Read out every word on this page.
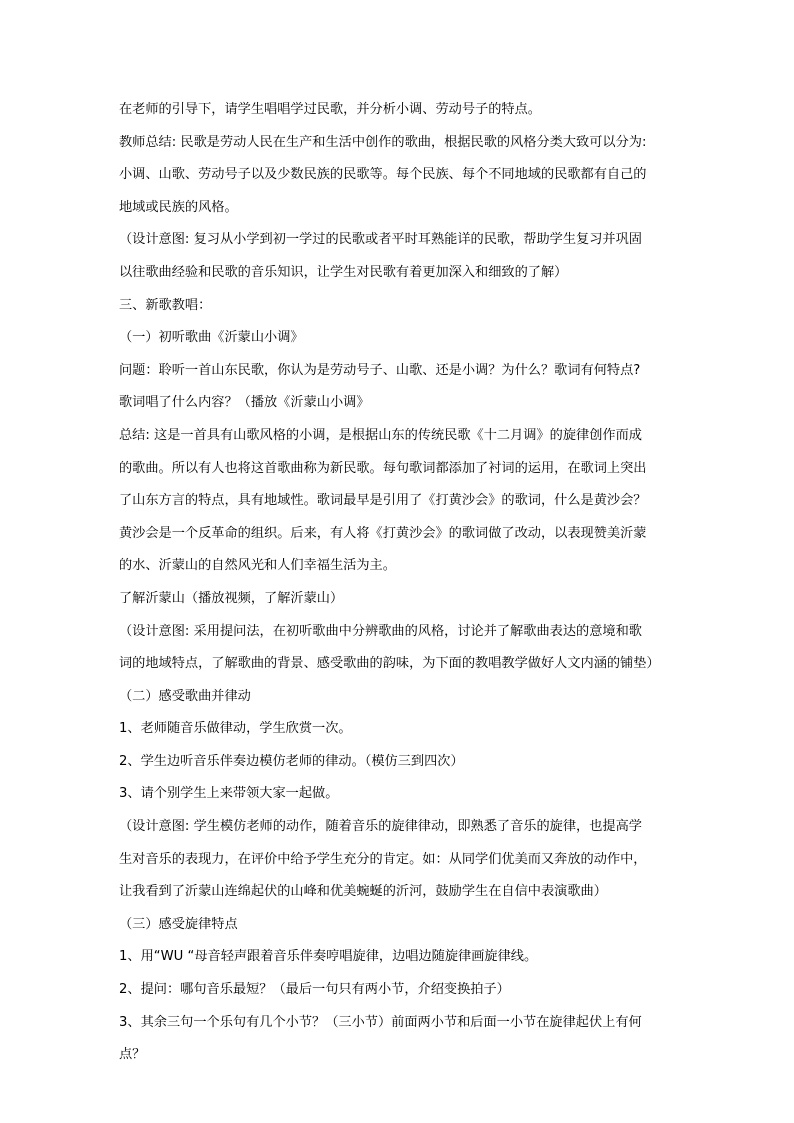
在老师的引导下，请学生唱唱学过民歌，并分析小调、劳动号子的特点。
教师总结: 民歌是劳动人民在生产和生活中创作的歌曲，根据民歌的风格分类大致可以分为:
小调、山歌、劳动号子以及少数民族的民歌等。每个民族、每个不同地域的民歌都有自己的
地域或民族的风格。
（设计意图: 复习从小学到初一学过的民歌或者平时耳熟能详的民歌，帮助学生复习并巩固
以往歌曲经验和民歌的音乐知识，让学生对民歌有着更加深入和细致的了解）
三、新歌教唱：
（一）初听歌曲《沂蒙山小调》
问题：聆听一首山东民歌，你认为是劳动号子、山歌、还是小调？为什么？歌词有何特点?
歌词唱了什么内容？（播放《沂蒙山小调》
总结: 这是一首具有山歌风格的小调，是根据山东的传统民歌《十二月调》的旋律创作而成
的歌曲。所以有人也将这首歌曲称为新民歌。每句歌词都添加了衬词的运用，在歌词上突出
了山东方言的特点，具有地域性。歌词最早是引用了《打黄沙会》的歌词，什么是黄沙会？
黄沙会是一个反革命的组织。后来，有人将《打黄沙会》的歌词做了改动，以表现赞美沂蒙
的水、沂蒙山的自然风光和人们幸福生活为主。
了解沂蒙山（播放视频，了解沂蒙山）
（设计意图: 采用提问法，在初听歌曲中分辨歌曲的风格，讨论并了解歌曲表达的意境和歌
词的地域特点，了解歌曲的背景、感受歌曲的韵味，为下面的教唱教学做好人文内涵的铺垫）
（二）感受歌曲并律动
1、老师随音乐做律动，学生欣赏一次。
2、学生边听音乐伴奏边模仿老师的律动。（模仿三到四次）
3、请个别学生上来带领大家一起做。
（设计意图: 学生模仿老师的动作，随着音乐的旋律律动，即熟悉了音乐的旋律，也提高学
生对音乐的表现力，在评价中给予学生充分的肯定。如：从同学们优美而又奔放的动作中，
让我看到了沂蒙山连绵起伏的山峰和优美蜿蜒的沂河，鼓励学生在自信中表演歌曲）
（三）感受旋律特点
1、用“WU “母音轻声跟着音乐伴奏哼唱旋律，边唱边随旋律画旋律线。
2、提问：哪句音乐最短？（最后一句只有两小节，介绍变换拍子）
3、其余三句一个乐句有几个小节？（三小节）前面两小节和后面一小节在旋律起伏上有何
点？
